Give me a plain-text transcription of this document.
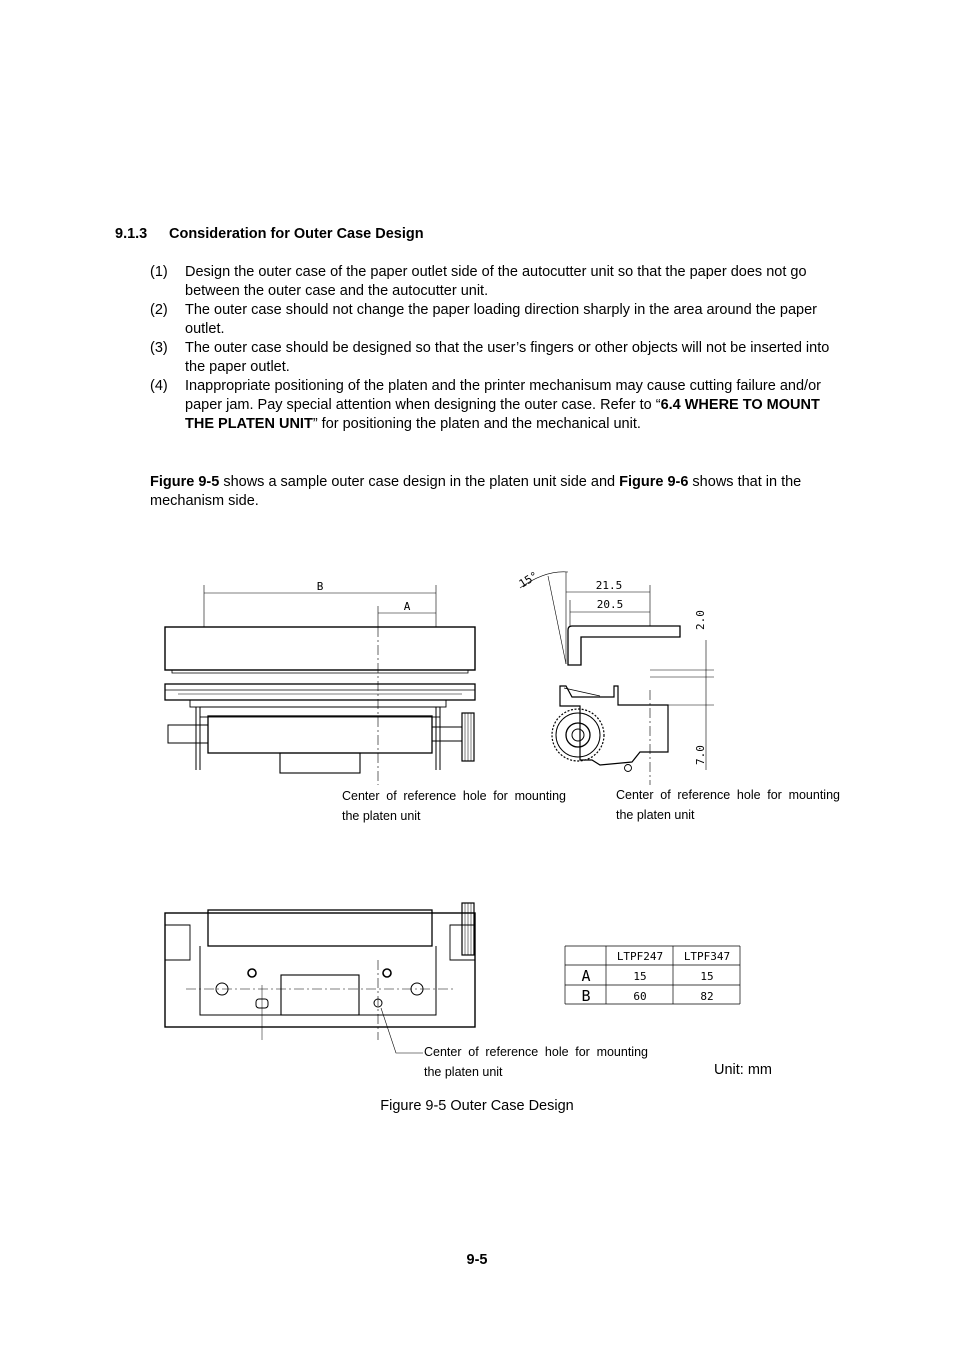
9.1.3 Consideration for Outer Case Design
(1) Design the outer case of the paper outlet side of the autocutter unit so that the paper does not go between the outer case and the autocutter unit.
(2) The outer case should not change the paper loading direction sharply in the area around the paper outlet.
(3) The outer case should be designed so that the user’s fingers or other objects will not be inserted into the paper outlet.
(4) Inappropriate positioning of the platen and the printer mechanisum may cause cutting failure and/or paper jam. Pay special attention when designing the outer case. Refer to “6.4 WHERE TO MOUNT THE PLATEN UNIT” for positioning the platen and the mechanical unit.
Figure 9-5 shows a sample outer case design in the platen unit side and Figure 9-6 shows that in the mechanism side.
B
A
15°	21.5
20.5
2.0
7.0
LTPF247 LTPF347
A	15	15
B	60	82
Center of reference hole for mounting the platen unit
Center of reference hole for mounting the platen unit
Center of reference hole for mounting the platen unit	Unit: mm
Figure 9-5 Outer Case Design
9-5
